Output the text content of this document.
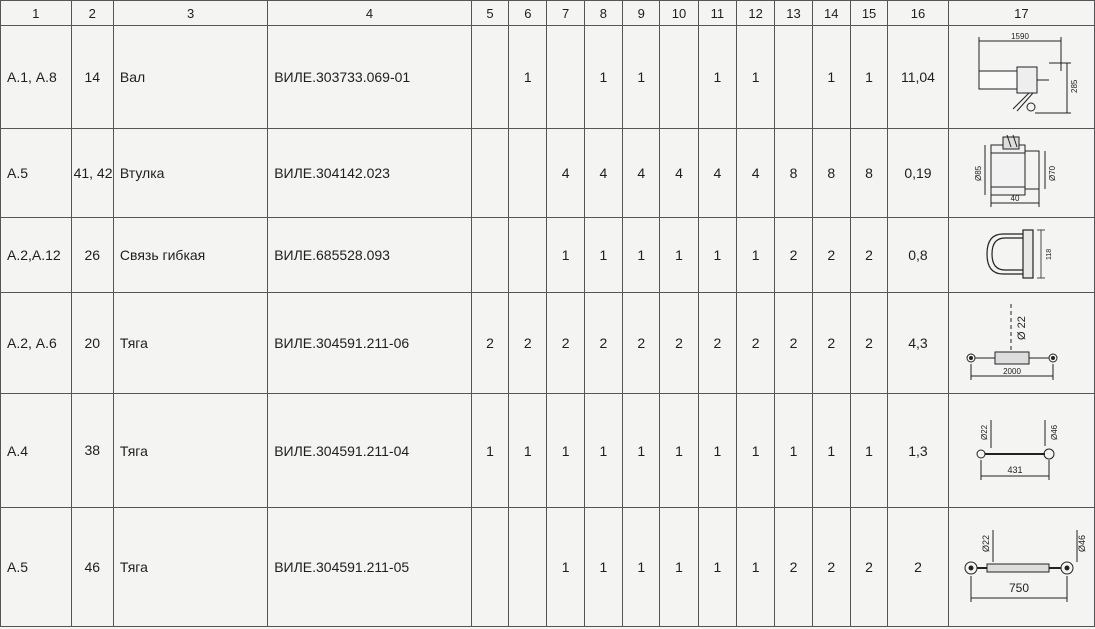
1	2	3	4	5	6	7	8	9	10	11	12	13	14	15	16	17
А.1, А.8	14	Вал	ВИЛЕ.303733.069-01		1		1	1		1	1		1	1	11,04	1590
285

А.5	41, 42	Втулка	ВИЛЕ.304142.023			4	4	4	4	4	4	8	8	8	0,19	Ø85 Ø70
40

А.2,А.12	26	Связь гибкая	ВИЛЕ.685528.093			1	1	1	1	1	1	2	2	2	0,8	118

А.2, А.6	20	Тяга	ВИЛЕ.304591.211-06	2	2	2	2	2	2	2	2	2	2	2	4,3	2000
Ø 22

А.4	38	Тяга	ВИЛЕ.304591.211-04	1	1	1	1	1	1	1	1	1	1	1	1,3	Ø22 Ø46
431

А.5	46	Тяга	ВИЛЕ.304591.211-05			1	1	1	1	1	1	2	2	2	2	Ø22 Ø46
750
